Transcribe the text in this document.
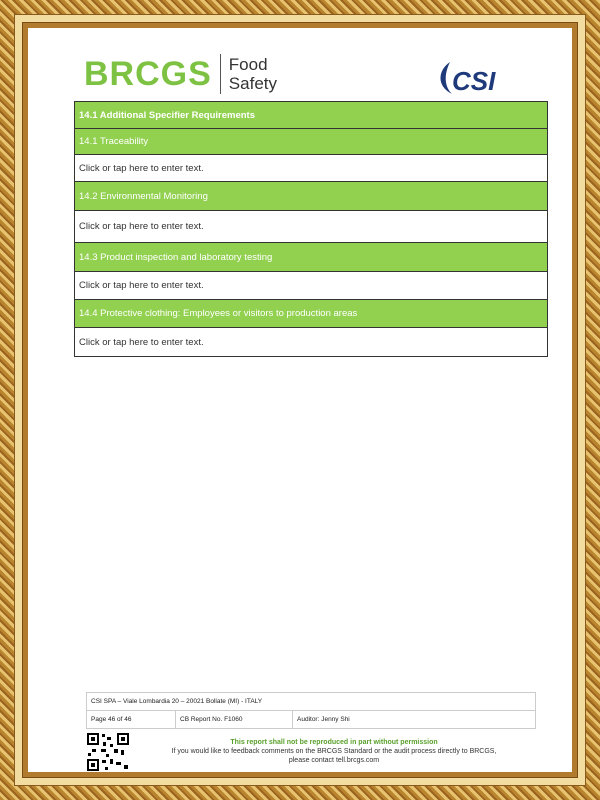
BRCGS Food
Safety	CSI
14.1 Additional Specifier Requirements
14.1 Traceability
Click or tap here to enter text.
14.2 Environmental Monitoring
Click or tap here to enter text.
14.3 Product inspection and laboratory testing
Click or tap here to enter text.
14.4 Protective clothing: Employees or visitors to production areas
Click or tap here to enter text.
CSI SPA – Viale Lombardia 20 – 20021 Bollate (MI) - ITALY
Page 46 of 46	CB Report No. F1060	Auditor: Jenny Shi
This report shall not be reproduced in part without permission
If you would like to feedback comments on the BRCGS Standard or the audit process directly to BRCGS,
please contact tell.brcgs.com
